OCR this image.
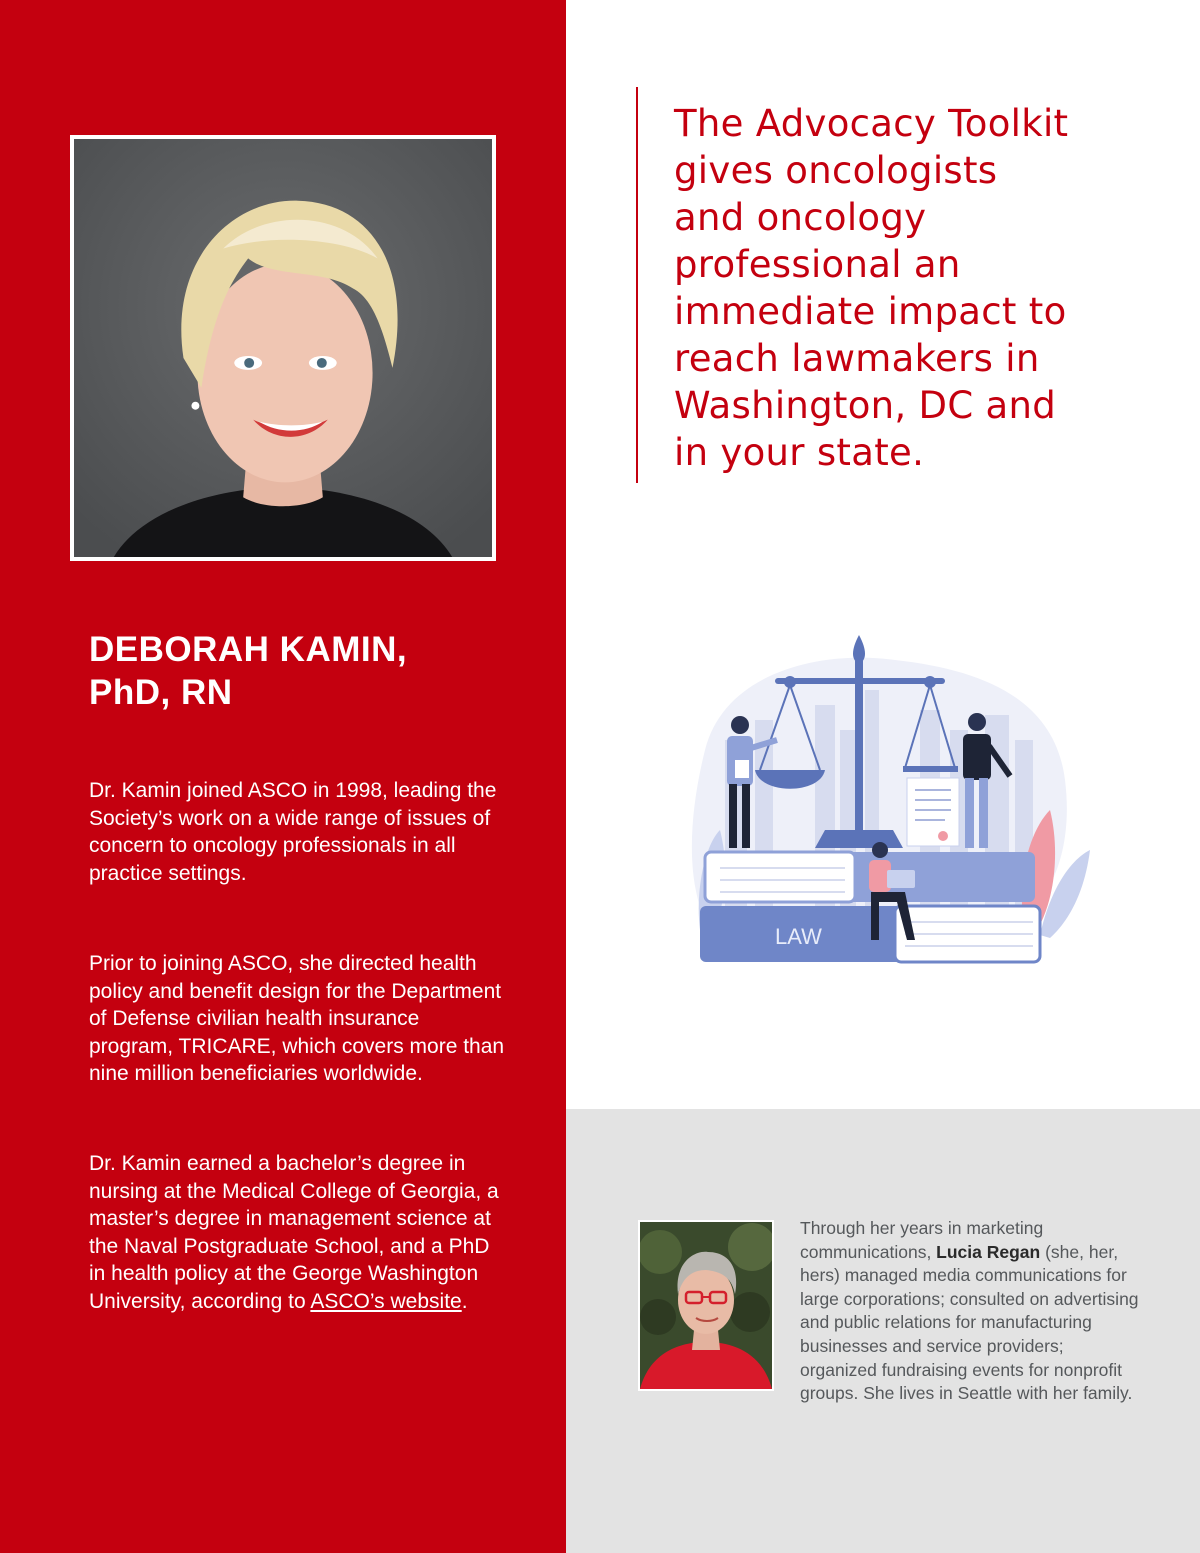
DEBORAH KAMIN,
PhD, RN

Dr. Kamin joined ASCO in 1998, leading the Society’s work on a wide range of issues of concern to oncology professionals in all practice settings.

Prior to joining ASCO, she directed health policy and benefit design for the Department of Defense civilian health insurance program, TRICARE, which covers more than nine million beneficiaries worldwide.

Dr. Kamin earned a bachelor’s degree in nursing at the Medical College of Georgia, a master’s degree in management science at the Naval Postgraduate School, and a PhD in health policy at the George Washington University, according to ASCO’s website.

The Advocacy Toolkit
gives oncologists
and oncology
professional an
immediate impact to
reach lawmakers in
Washington, DC and
in your state.
LAW

Through her years in marketing communications, Lucia Regan (she, her, hers) managed media communications for large corporations; consulted on advertising and public relations for manufacturing businesses and service providers; organized fundraising events for nonprofit groups. She lives in Seattle with her family.
